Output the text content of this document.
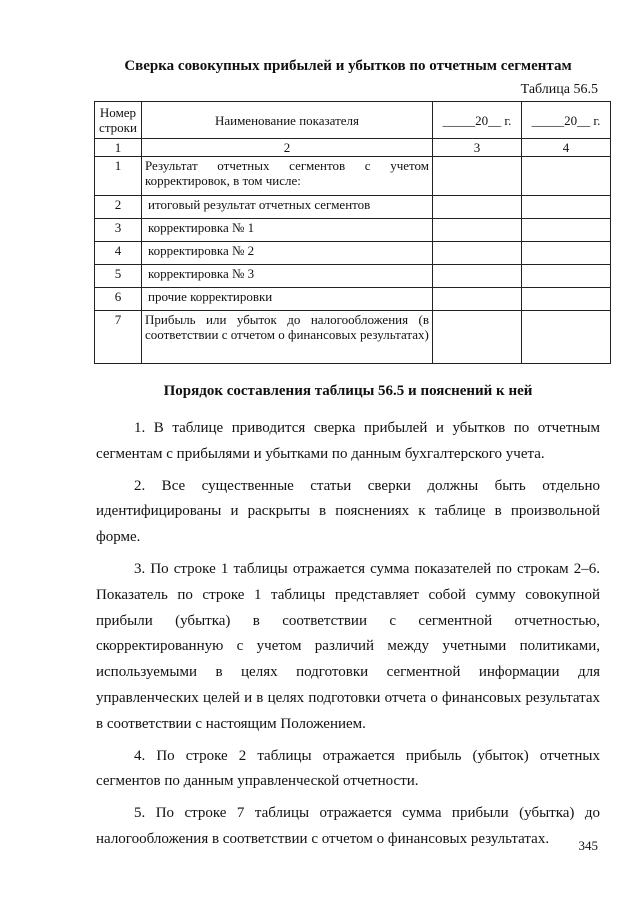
Сверка совокупных прибылей и убытков по отчетным сегментам
Таблица 56.5
Номер строки	Наименование показателя	_____20__ г.	_____20__ г.
1	2	3	4
1	Результат отчетных сегментов с учетом корректировок, в том числе:		
2	итоговый результат отчетных сегментов		
3	корректировка № 1		
4	корректировка № 2		
5	корректировка № 3		
6	прочие корректировки		
7	Прибыль или убыток до налогообложения (в соответствии с отчетом о финансовых результатах)		
Порядок составления таблицы 56.5 и пояснений к ней

1. В таблице приводится сверка прибылей и убытков по отчетным сегментам с прибылями и убытками по данным бухгалтерского учета.

2. Все существенные статьи сверки должны быть отдельно идентифицированы и раскрыты в пояснениях к таблице в произвольной форме.

3. По строке 1 таблицы отражается сумма показателей по строкам 2–6. Показатель по строке 1 таблицы представляет собой сумму совокупной прибыли (убытка) в соответствии с сегментной отчетностью, скорректированную с учетом различий между учетными политиками, используемыми в целях подготовки сегментной информации для управленческих целей и в целях подготовки отчета о финансовых результатах в соответствии с настоящим Положением.

4. По строке 2 таблицы отражается прибыль (убыток) отчетных сегментов по данным управленческой отчетности.

5. По строке 7 таблицы отражается сумма прибыли (убытка) до налогообложения в соответствии с отчетом о финансовых результатах.	345
